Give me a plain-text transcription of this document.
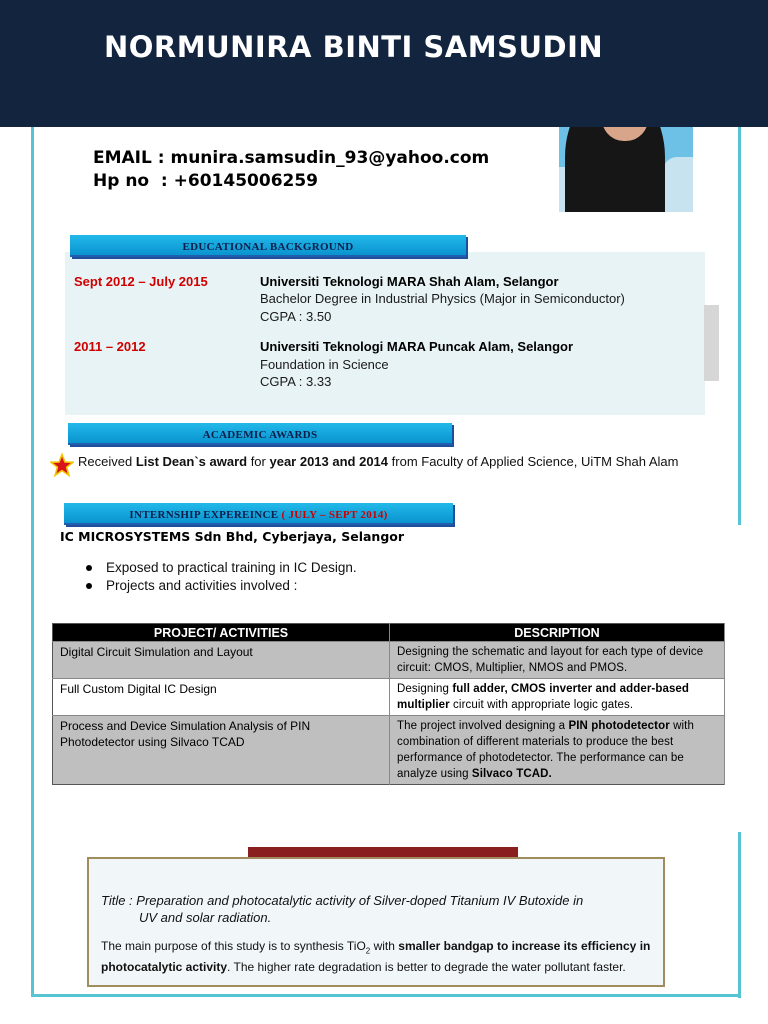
NORMUNIRA BINTI SAMSUDIN
EMAIL : munira.samsudin_93@yahoo.com
Hp no  : +60145006259
EDUCATIONAL BACKGROUND
Sept 2012 – July 2015	Universiti Teknologi MARA Shah Alam, Selangor
Bachelor Degree in Industrial Physics (Major in Semiconductor)
CGPA : 3.50
2011 – 2012	Universiti Teknologi MARA Puncak Alam, Selangor
Foundation in Science
CGPA : 3.33
ACADEMIC AWARDS
Received List Dean`s award for year 2013 and 2014 from Faculty of Applied Science, UiTM Shah Alam
INTERNSHIP EXPEREINCE ( JULY – SEPT 2014)
IC MICROSYSTEMS Sdn Bhd, Cyberjaya, Selangor
Exposed to practical training in IC Design.
Projects and activities involved :
PROJECT/ ACTIVITIES	DESCRIPTION
Digital Circuit Simulation and Layout	Designing the schematic and layout for each type of device circuit: CMOS, Multiplier, NMOS and PMOS.
Full Custom Digital IC Design	Designing full adder, CMOS inverter and adder-based multiplier circuit with appropriate logic gates.
Process and Device Simulation Analysis of PIN Photodetector using Silvaco TCAD	The project involved designing a PIN photodetector with combination of different materials to produce the best performance of photodetector. The performance can be analyze using Silvaco TCAD.
Title : Preparation and photocatalytic activity of Silver-doped Titanium IV Butoxide in
UV and solar radiation.
The main purpose of this study is to synthesis TiO$_2$ with smaller bandgap to increase its efficiency in photocatalytic activity. The higher rate degradation is better to degrade the water pollutant faster.
